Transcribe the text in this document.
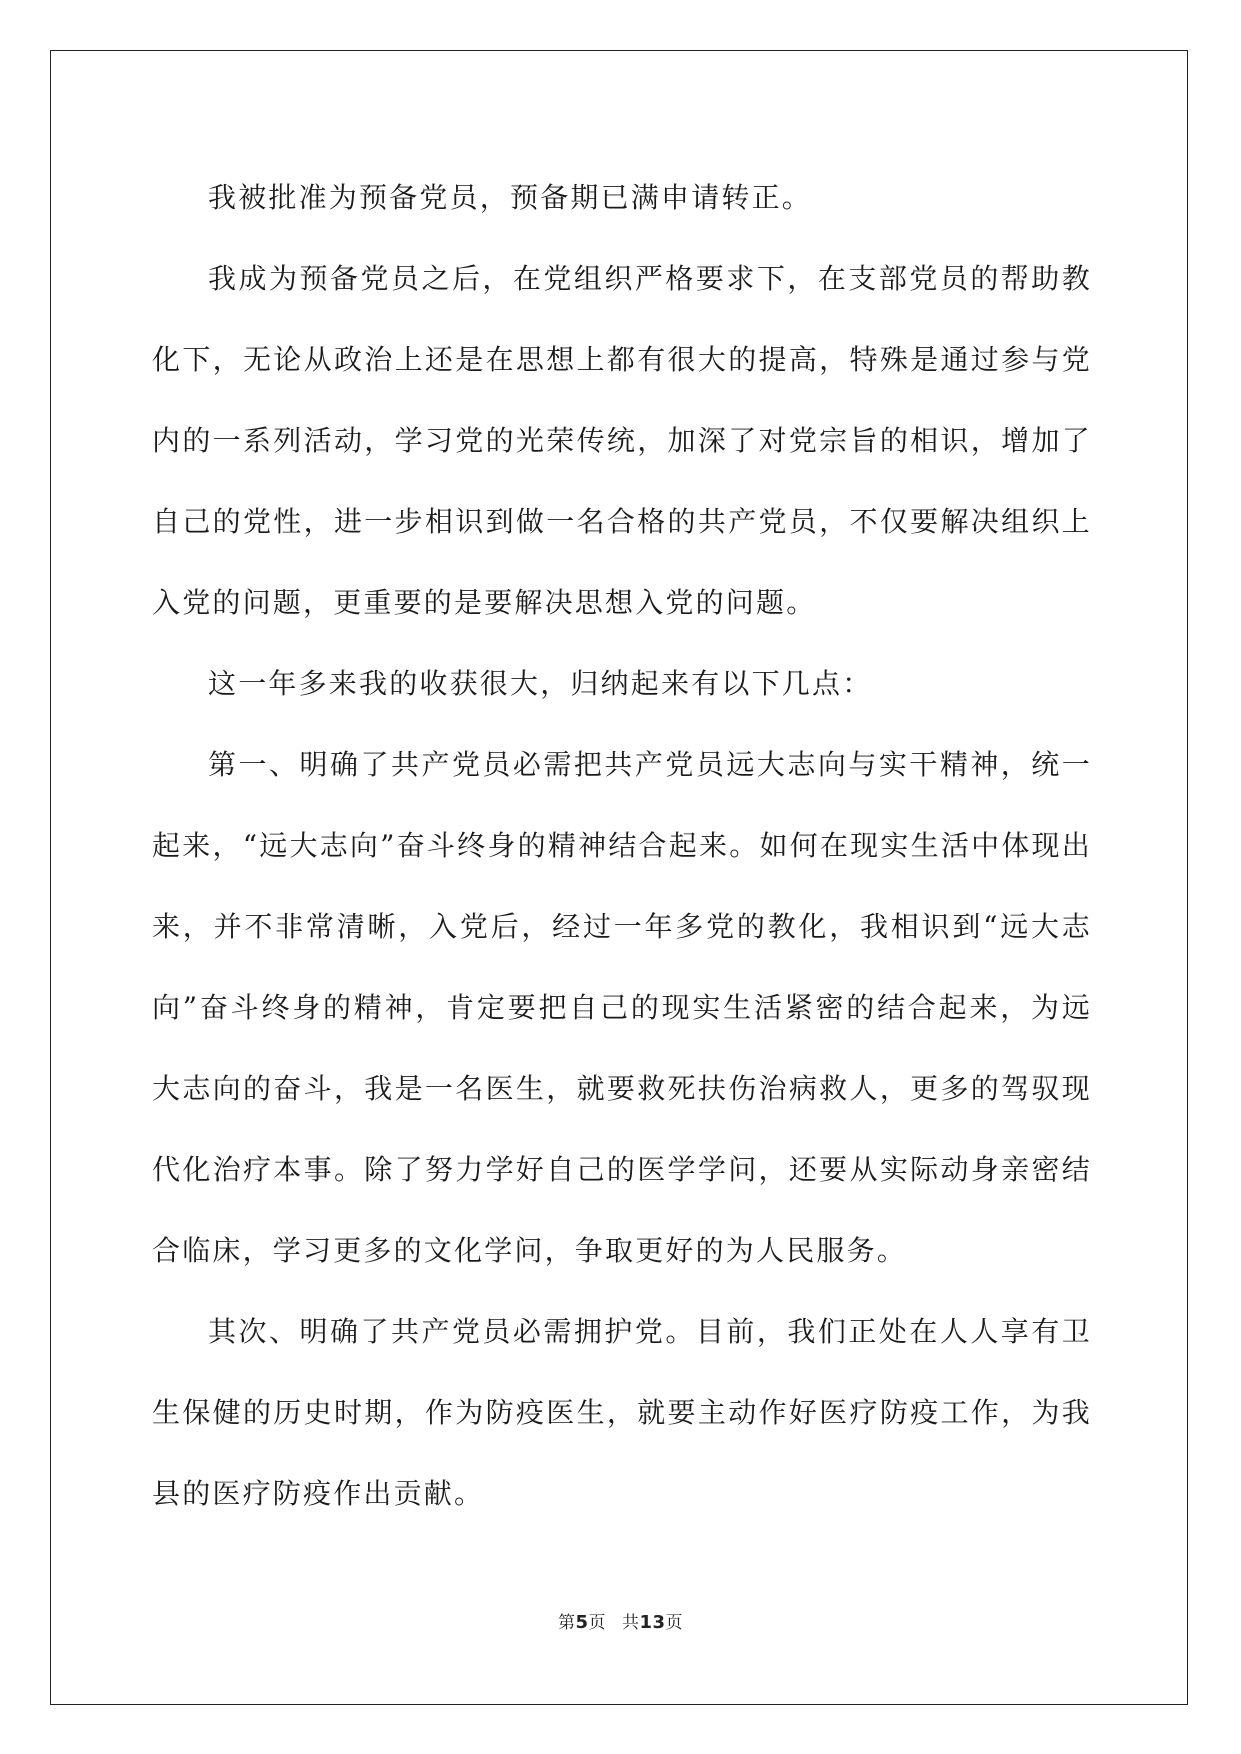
我被批准为预备党员，预备期已满申请转正。

我成为预备党员之后，在党组织严格要求下，在支部党员的帮助教化下，无论从政治上还是在思想上都有很大的提高，特殊是通过参与党内的一系列活动，学习党的光荣传统，加深了对党宗旨的相识，增加了自己的党性，进一步相识到做一名合格的共产党员，不仅要解决组织上入党的问题，更重要的是要解决思想入党的问题。

这一年多来我的收获很大，归纳起来有以下几点：

第一、明确了共产党员必需把共产党员远大志向与实干精神，统一起来，“远大志向”奋斗终身的精神结合起来。如何在现实生活中体现出来，并不非常清晰，入党后，经过一年多党的教化，我相识到“远大志向”奋斗终身的精神，肯定要把自己的现实生活紧密的结合起来，为远大志向的奋斗，我是一名医生，就要救死扶伤治病救人，更多的驾驭现代化治疗本事。除了努力学好自己的医学学问，还要从实际动身亲密结合临床，学习更多的文化学问，争取更好的为人民服务。

其次、明确了共产党员必需拥护党。目前，我们正处在人人享有卫生保健的历史时期，作为防疫医生，就要主动作好医疗防疫工作，为我县的医疗防疫作出贡献。

第5页 共13页
